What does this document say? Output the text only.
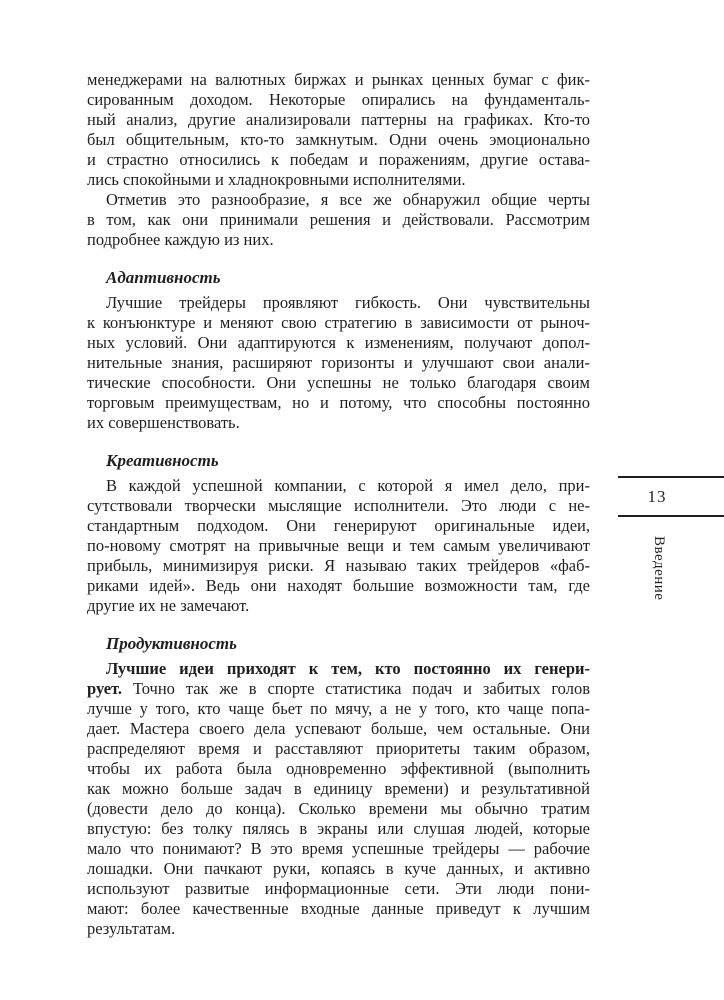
менеджерами на валютных биржах и рынках ценных бумаг с фик-
сированным доходом. Некоторые опирались на фундаменталь-
ный анализ, другие анализировали паттерны на графиках. Кто-то
был общительным, кто-то замкнутым. Одни очень эмоционально
и страстно относились к победам и поражениям, другие остава-
лись спокойными и хладнокровными исполнителями.
Отметив это разнообразие, я все же обнаружил общие черты
в том, как они принимали решения и действовали. Рассмотрим
подробнее каждую из них.
Адаптивность
Лучшие трейдеры проявляют гибкость. Они чувствительны
к конъюнктуре и меняют свою стратегию в зависимости от рыноч-
ных условий. Они адаптируются к изменениям, получают допол-
нительные знания, расширяют горизонты и улучшают свои анали-
тические способности. Они успешны не только благодаря своим
торговым преимуществам, но и потому, что способны постоянно
их совершенствовать.
Креативность
В каждой успешной компании, с которой я имел дело, при-
сутствовали творчески мыслящие исполнители. Это люди с не-
стандартным подходом. Они генерируют оригинальные идеи,
по-новому смотрят на привычные вещи и тем самым увеличивают
прибыль, минимизируя риски. Я называю таких трейдеров «фаб-
риками идей». Ведь они находят большие возможности там, где
другие их не замечают.
Продуктивность
Лучшие идеи приходят к тем, кто постоянно их генери-
рует. Точно так же в спорте статистика подач и забитых голов
лучше у того, кто чаще бьет по мячу, а не у того, кто чаще попа-
дает. Мастера своего дела успевают больше, чем остальные. Они
распределяют время и расставляют приоритеты таким образом,
чтобы их работа была одновременно эффективной (выполнить
как можно больше задач в единицу времени) и результативной
(довести дело до конца). Сколько времени мы обычно тратим
впустую: без толку пялясь в экраны или слушая людей, которые
мало что понимают? В это время успешные трейдеры — рабочие
лошадки. Они пачкают руки, копаясь в куче данных, и активно
используют развитые информационные сети. Эти люди пони-
мают: более качественные входные данные приведут к лучшим
результатам.
13
Введение
